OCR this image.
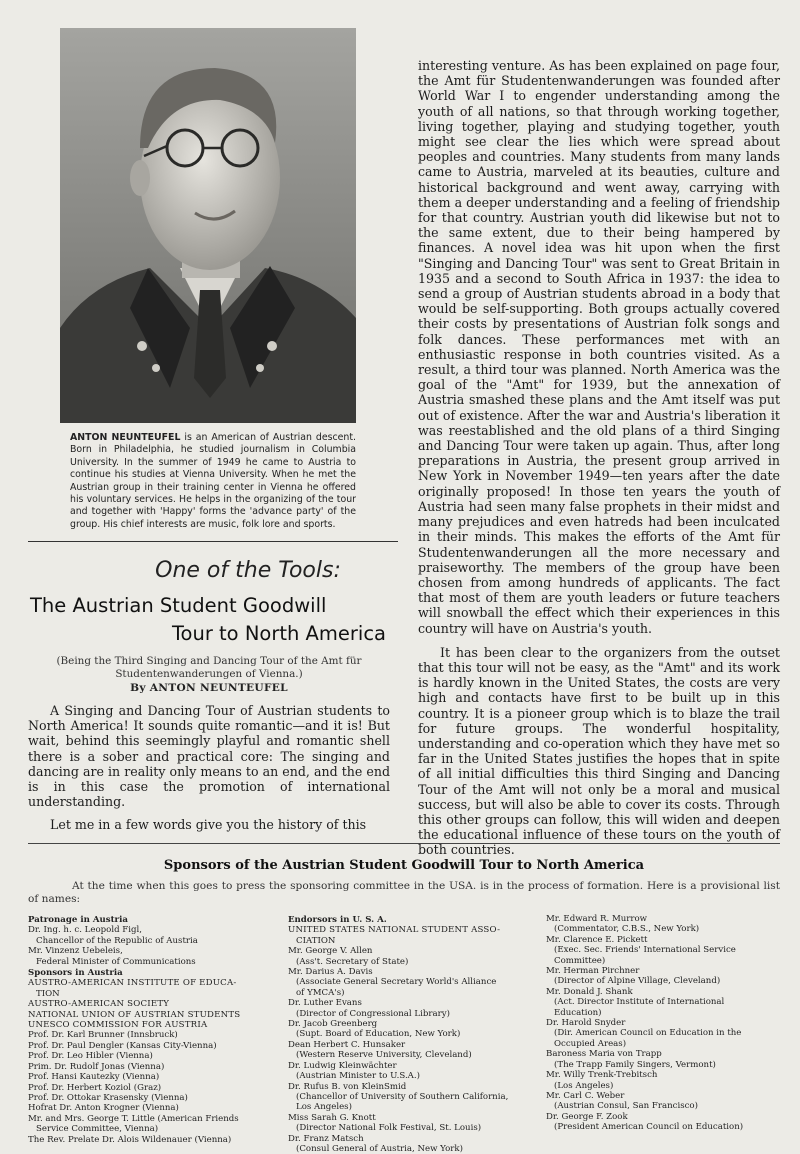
ANTON NEUNTEUFEL is an American of Austrian descent. Born in Philadelphia, he studied journalism in Columbia University. In the summer of 1949 he came to Austria to continue his studies at Vienna University. When he met the Austrian group in their training center in Vienna he offered his voluntary services. He helps in the organizing of the tour and together with 'Happy' forms the 'advance party' of the group. His chief interests are music, folk lore and sports.
One of the Tools:
The Austrian Student Goodwill
Tour to North America
(Being the Third Singing and Dancing Tour of the Amt für Studentenwanderungen of Vienna.)
By ANTON NEUNTEUFEL

A Singing and Dancing Tour of Austrian students to North America! It sounds quite romantic—and it is! But wait, behind this seemingly playful and romantic shell there is a sober and practical core: The singing and dancing are in reality only means to an end, and the end is in this case the promotion of international understanding.

Let me in a few words give you the history of this

interesting venture. As has been explained on page four, the Amt für Studentenwanderungen was founded after World War I to engender understanding among the youth of all nations, so that through working together, living together, playing and studying together, youth might see clear the lies which were spread about peoples and countries. Many students from many lands came to Austria, marveled at its beauties, culture and historical background and went away, carrying with them a deeper understanding and a feeling of friendship for that country. Austrian youth did likewise but not to the same extent, due to their being hampered by finances. A novel idea was hit upon when the first "Singing and Dancing Tour" was sent to Great Britain in 1935 and a second to South Africa in 1937: the idea to send a group of Austrian students abroad in a body that would be self-supporting. Both groups actually covered their costs by presentations of Austrian folk songs and folk dances. These performances met with an enthusiastic response in both countries visited. As a result, a third tour was planned. North America was the goal of the "Amt" for 1939, but the annexation of Austria smashed these plans and the Amt itself was put out of existence. After the war and Austria's liberation it was reestablished and the old plans of a third Singing and Dancing Tour were taken up again. Thus, after long preparations in Austria, the present group arrived in New York in November 1949—ten years after the date originally proposed! In those ten years the youth of Austria had seen many false prophets in their midst and many prejudices and even hatreds had been inculcated in their minds. This makes the efforts of the Amt für Studentenwanderungen all the more necessary and praiseworthy. The members of the group have been chosen from among hundreds of applicants. The fact that most of them are youth leaders or future teachers will snowball the effect which their experiences in this country will have on Austria's youth.

It has been clear to the organizers from the outset that this tour will not be easy, as the "Amt" and its work is hardly known in the United States, the costs are very high and contacts have first to be built up in this country. It is a pioneer group which is to blaze the trail for future groups. The wonderful hospitality, understanding and co-operation which they have met so far in the United States justifies the hopes that in spite of all initial difficulties this third Singing and Dancing Tour of the Amt will not only be a moral and musical success, but will also be able to cover its costs. Through this other groups can follow, this will widen and deepen the educational influence of these tours on the youth of both countries.

Sponsors of the Austrian Student Goodwill Tour to North America
At the time when this goes to press the sponsoring committee in the USA. is in the process of formation. Here is a provisional list of names:
Patronage in Austria
Dr. Ing. h. c. Leopold Figl,
Chancellor of the Republic of Austria
Mr. Vinzenz Uebeleis,
Federal Minister of Communications
Sponsors in Austria
AUSTRO-AMERICAN INSTITUTE OF EDUCA-
TION
AUSTRO-AMERICAN SOCIETY
NATIONAL UNION OF AUSTRIAN STUDENTS
UNESCO COMMISSION FOR AUSTRIA
Prof. Dr. Karl Brunner (Innsbruck)
Prof. Dr. Paul Dengler (Kansas City-Vienna)
Prof. Dr. Leo Hibler (Vienna)
Prim. Dr. Rudolf Jonas (Vienna)
Prof. Hansi Kautezky (Vienna)
Prof. Dr. Herbert Koziol (Graz)
Prof. Dr. Ottokar Krasensky (Vienna)
Hofrat Dr. Anton Krogner (Vienna)
Mr. and Mrs. George T. Little (American Friends
Service Committee, Vienna)
The Rev. Prelate Dr. Alois Wildenauer (Vienna)
Endorsors in U. S. A.
UNITED STATES NATIONAL STUDENT ASSO-
CIATION
Mr. George V. Allen
(Ass't. Secretary of State)
Mr. Darius A. Davis
(Associate General Secretary World's Alliance
of YMCA's)
Dr. Luther Evans
(Director of Congressional Library)
Dr. Jacob Greenberg
(Supt. Board of Education, New York)
Dean Herbert C. Hunsaker
(Western Reserve University, Cleveland)
Dr. Ludwig Kleinwächter
(Austrian Minister to U.S.A.)
Dr. Rufus B. von KleinSmid
(Chancellor of University of Southern California,
Los Angeles)
Miss Sarah G. Knott
(Director National Folk Festival, St. Louis)
Dr. Franz Matsch
(Consul General of Austria, New York)
Mr. Edward R. Murrow
(Commentator, C.B.S., New York)
Mr. Clarence E. Pickett
(Exec. Sec. Friends' International Service
Committee)
Mr. Herman Pirchner
(Director of Alpine Village, Cleveland)
Mr. Donald J. Shank
(Act. Director Institute of International
Education)
Dr. Harold Snyder
(Dir. American Council on Education in the
Occupied Areas)
Baroness Maria von Trapp
(The Trapp Family Singers, Vermont)
Mr. Willy Trenk-Trebitsch
(Los Angeles)
Mr. Carl C. Weber
(Austrian Consul, San Francisco)
Dr. George F. Zook
(President American Council on Education)
